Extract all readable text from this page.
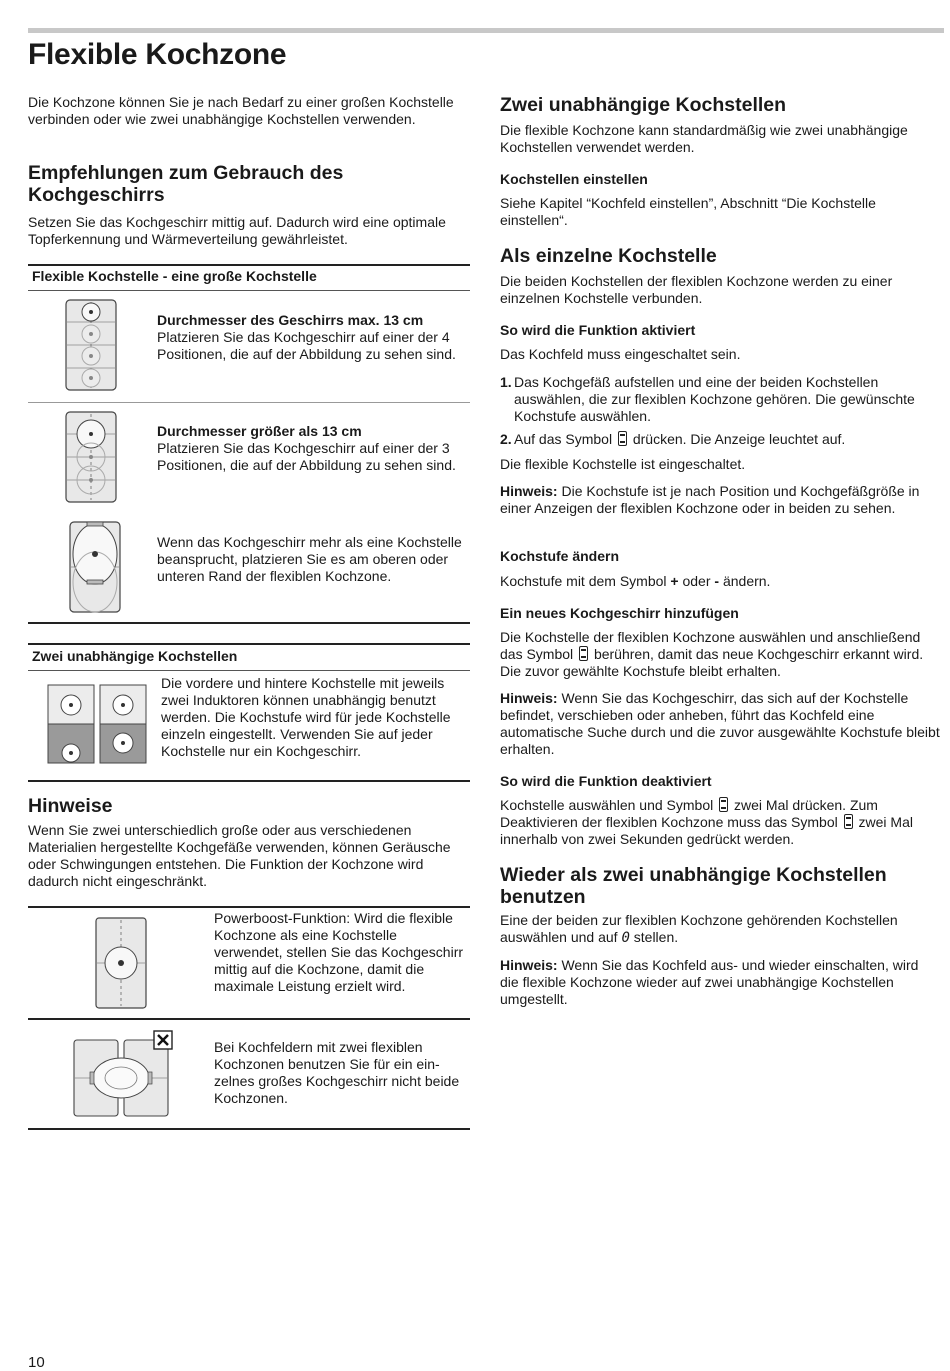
Flexible Kochzone

Die Kochzone können Sie je nach Bedarf zu einer großen Kochstelle verbinden oder wie zwei unabhängige Kochstellen verwenden.

Empfehlungen zum Gebrauch des Kochgeschirrs

Setzen Sie das Kochgeschirr mittig auf. Dadurch wird eine optimale Topferkennung und Wärmeverteilung gewährleistet.

Flexible Kochstelle - eine große Kochstelle

Durchmesser des Geschirrs max. 13 cm

Platzieren Sie das Kochgeschirr auf einer der 4 Positionen, die auf der Abbildung zu sehen sind.

Durchmesser größer als 13 cm

Platzieren Sie das Kochgeschirr auf einer der 3 Positionen, die auf der Abbildung zu sehen sind.

Wenn das Kochgeschirr mehr als eine Kochstelle beansprucht, platzieren Sie es am oberen oder unteren Rand der flexiblen Kochzone.

Zwei unabhängige Kochstellen

Die vordere und hintere Kochstelle mit jeweils zwei Induktoren können unabhängig benutzt werden. Die Kochstufe wird für jede Kochstelle einzeln eingestellt. Verwenden Sie auf jeder Kochstelle nur ein Kochgeschirr.

Hinweise

Wenn Sie zwei unterschiedlich große oder aus verschiedenen Materialien hergestellte Kochgefäße verwenden, können Geräusche oder Schwingungen entstehen. Die Funktion der Kochzone wird dadurch nicht eingeschränkt.

Powerboost-Funktion: Wird die flexible Kochzone als eine Kochstelle verwendet, stellen Sie das Kochgeschirr mittig auf die Kochzone, damit die maximale Leistung erzielt wird.

Bei Kochfeldern mit zwei flexiblen Kochzonen benutzen Sie für ein einzelnes großes Kochgeschirr nicht beide Kochzonen.

Zwei unabhängige Kochstellen

Die flexible Kochzone kann standardmäßig wie zwei unabhängige Kochstellen verwendet werden.

Kochstellen einstellen

Siehe Kapitel “Kochfeld einstellen”, Abschnitt “Die Kochstelle einstellen“.

Als einzelne Kochstelle

Die beiden Kochstellen der flexiblen Kochzone werden zu einer einzelnen Kochstelle verbunden.

So wird die Funktion aktiviert

Das Kochfeld muss eingeschaltet sein.

1. Das Kochgefäß aufstellen und eine der beiden Kochstellen auswählen, die zur flexiblen Kochzone gehören. Die gewünschte Kochstufe auswählen.

2. Auf das Symbol drücken. Die Anzeige leuchtet auf.

Die flexible Kochstelle ist eingeschaltet.

Hinweis: Die Kochstufe ist je nach Position und Kochgefäßgröße in einer Anzeigen der flexiblen Kochzone oder in beiden zu sehen.

Kochstufe ändern

Kochstufe mit dem Symbol + oder - ändern.

Ein neues Kochgeschirr hinzufügen

Die Kochstelle der flexiblen Kochzone auswählen und anschließend das Symbol berühren, damit das neue Kochgeschirr erkannt wird. Die zuvor gewählte Kochstufe bleibt erhalten.

Hinweis: Wenn Sie das Kochgeschirr, das sich auf der Kochstelle befindet, verschieben oder anheben, führt das Kochfeld eine automatische Suche durch und die zuvor ausgewählte Kochstufe bleibt erhalten.

So wird die Funktion deaktiviert

Kochstelle auswählen und Symbol zwei Mal drücken. Zum Deaktivieren der flexiblen Kochzone muss das Symbol zwei Mal innerhalb von zwei Sekunden gedrückt werden.

Wieder als zwei unabhängige Kochstellen benutzen

Eine der beiden zur flexiblen Kochzone gehörenden Kochstellen auswählen und auf 0 stellen.

Hinweis: Wenn Sie das Kochfeld aus- und wieder einschalten, wird die flexible Kochzone wieder auf zwei unabhängige Kochstellen umgestellt.

10
